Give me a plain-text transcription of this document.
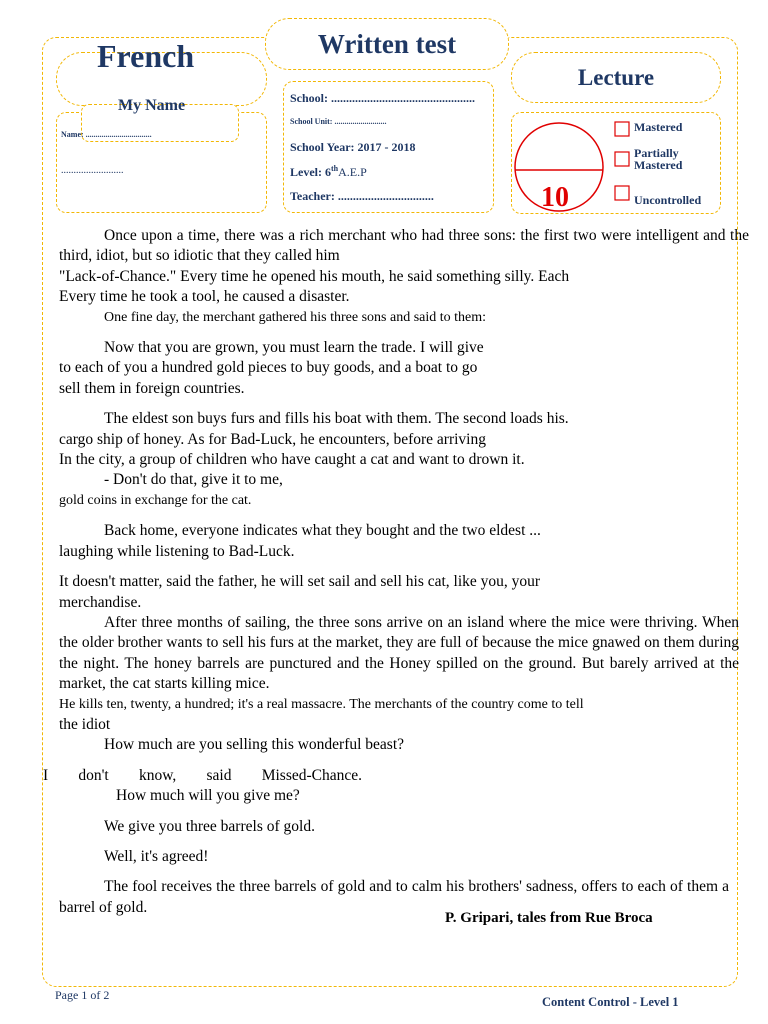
French	Written test
Lecture
My Name
Name: .................................
.........................
School: ................................................
School Unit: ..........................
School Year: 2017 - 2018
Level: 6thA.E.P
Teacher: ................................	10
Mastered
Partially
Mastered
Uncontrolled

Once upon a time, there was a rich merchant who had three sons: the first two were intelligent and the third, idiot, but so idiotic that they called him

"Lack-of-Chance." Every time he opened his mouth, he said something silly. Each

Every time he took a tool, he caused a disaster.

One fine day, the merchant gathered his three sons and said to them:

Now that you are grown, you must learn the trade. I will give

to each of you a hundred gold pieces to buy goods, and a boat to go

sell them in foreign countries.

The eldest son buys furs and fills his boat with them. The second loads his.

cargo ship of honey. As for Bad-Luck, he encounters, before arriving

In the city, a group of children who have caught a cat and want to drown it.

- Don't do that, give it to me,

gold coins in exchange for the cat.

Back home, everyone indicates what they bought and the two eldest ...

laughing while listening to Bad-Luck.

It doesn't matter, said the father, he will set sail and sell his cat, like you, your

merchandise.

After three months of sailing, the three sons arrive on an island where the mice were thriving. When the older brother wants to sell his furs at the market, they are full of because the mice gnawed on them during the night. The honey barrels are punctured and the Honey spilled on the ground. But barely arrived at the market, the cat starts killing mice.

He kills ten, twenty, a hundred; it's a real massacre. The merchants of the country come to tell

the idiot

How much are you selling this wonderful beast?

I don't know, said Missed-Chance.

How much will you give me?

We give you three barrels of gold.

Well, it's agreed!

The fool receives the three barrels of gold and to calm his brothers' sadness, offers to each of them a barrel of gold.

P. Gripari, tales from Rue Broca
Page 1 of 2	Content Control - Level 1
